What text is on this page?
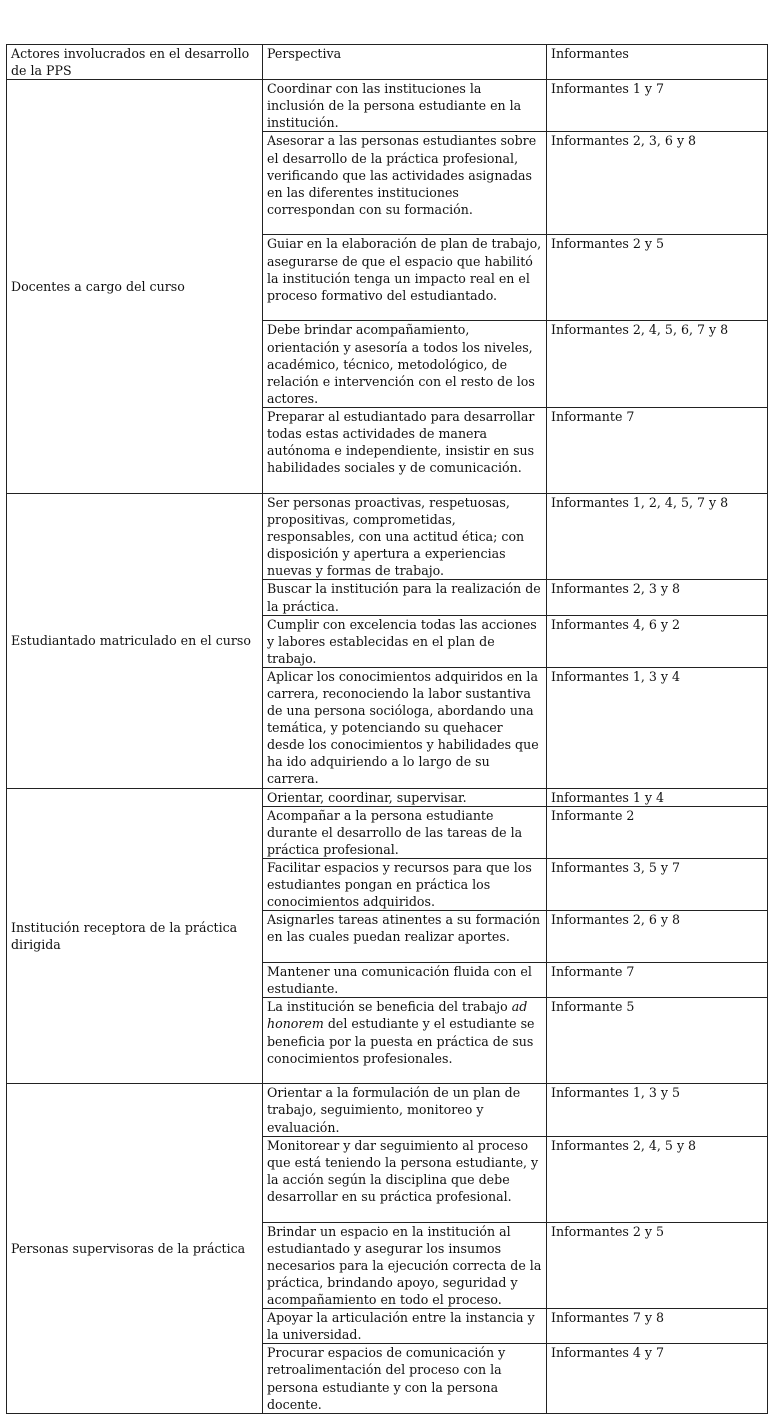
Actores involucrados en el desarrollo de la PPS	Perspectiva	Informantes
Docentes a cargo del curso	Coordinar con las instituciones la inclusión de la persona estudiante en la institución.	Informantes 1 y 7
	Asesorar a las personas estudiantes sobre el desarrollo de la práctica profesional, verificando que las actividades asignadas en las diferentes instituciones correspondan con su formación.	Informantes 2, 3, 6 y 8
	Guiar en la elaboración de plan de trabajo, asegurarse de que el espacio que habilitó la institución tenga un impacto real en el proceso formativo del estudiantado.	Informantes 2 y 5
	Debe brindar acompañamiento, orientación y asesoría a todos los niveles, académico, técnico, metodológico, de relación e intervención con el resto de los actores.	Informantes 2, 4, 5, 6, 7 y 8
	Preparar al estudiantado para desarrollar todas estas actividades de manera autónoma e independiente, insistir en sus habilidades sociales y de comunicación.	Informante 7
Estudiantado matriculado en el curso	Ser personas proactivas, respetuosas, propositivas, comprometidas, responsables, con una actitud ética; con disposición y apertura a experiencias nuevas y formas de trabajo.	Informantes 1, 2, 4, 5, 7 y 8
	Buscar la institución para la realización de la práctica.	Informantes 2, 3 y 8
	Cumplir con excelencia todas las acciones y labores establecidas en el plan de trabajo.	Informantes 4, 6 y 2
	Aplicar los conocimientos adquiridos en la carrera, reconociendo la labor sustantiva de una persona socióloga, abordando una temática, y potenciando su quehacer desde los conocimientos y habilidades que ha ido adquiriendo a lo largo de su carrera.	Informantes 1, 3 y 4
Institución receptora de la práctica dirigida	Orientar, coordinar, supervisar.	Informantes 1 y 4
	Acompañar a la persona estudiante durante el desarrollo de las tareas de la práctica profesional.	Informante 2
	Facilitar espacios y recursos para que los estudiantes pongan en práctica los conocimientos adquiridos.	Informantes 3, 5 y 7
	Asignarles tareas atinentes a su formación en las cuales puedan realizar aportes.	Informantes 2, 6 y 8
	Mantener una comunicación fluida con el estudiante.	Informante 7
	La institución se beneficia del trabajo ad honorem del estudiante y el estudiante se beneficia por la puesta en práctica de sus conocimientos profesionales.	Informante 5
Personas supervisoras de la práctica	Orientar a la formulación de un plan de trabajo, seguimiento, monitoreo y evaluación.	Informantes 1, 3 y 5
	Monitorear y dar seguimiento al proceso que está teniendo la persona estudiante, y la acción según la disciplina que debe desarrollar en su práctica profesional.	Informantes 2, 4, 5 y 8
	Brindar un espacio en la institución al estudiantado y asegurar los insumos necesarios para la ejecución correcta de la práctica, brindando apoyo, seguridad y acompañamiento en todo el proceso.	Informantes 2 y 5
	Apoyar la articulación entre la instancia y la universidad.	Informantes 7 y 8
	Procurar espacios de comunicación y retroalimentación del proceso con la persona estudiante y con la persona docente.	Informantes 4 y 7
